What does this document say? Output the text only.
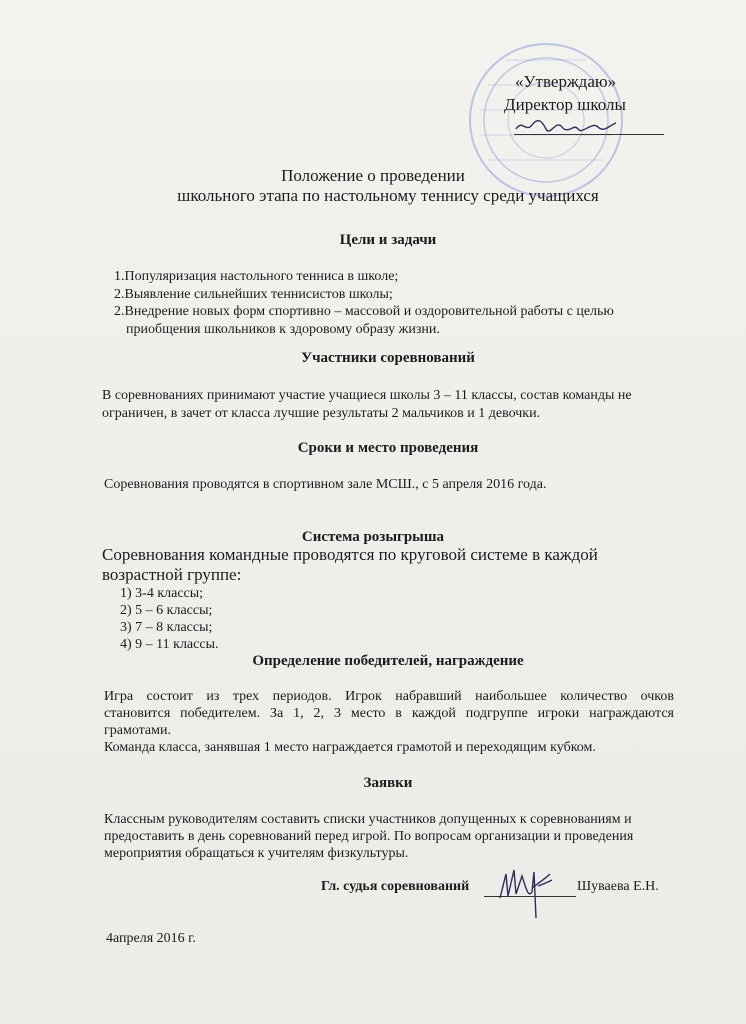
«Утверждаю»
Директор школы
Положение о проведении
школьного этапа по настольному теннису среди учащихся
Цели и задачи
1.Популяризация настольного тенниса в школе;
2.Выявление сильнейших теннисистов школы;
2.Внедрение новых форм спортивно – массовой и оздоровительной работы с целью
приобщения школьников к здоровому образу жизни.
Участники соревнований
В соревнованиях принимают участие учащиеся школы 3 – 11 классы, состав команды не
ограничен, в зачет от класса лучшие результаты 2 мальчиков и 1 девочки.
Сроки и место проведения
Соревнования проводятся в спортивном зале МСШ., с 5 апреля 2016 года.
Система розыгрыша
Соревнования командные проводятся по круговой системе в каждой
возрастной группе:
1) 3-4 классы;
2) 5 – 6 классы;
3) 7 – 8 классы;
4) 9 – 11 классы.
Определение победителей, награждение
Игра состоит из трех периодов. Игрок набравший наибольшее количество очков
становится победителем. За 1, 2, 3 место в каждой подгруппе игроки награждаются
грамотами.
Команда класса, занявшая 1 место награждается грамотой и переходящим кубком.
Заявки
Классным руководителям составить списки участников допущенных к соревнованиям и
предоставить в день соревнований перед игрой. По вопросам организации и проведения
мероприятия обращаться к учителям физкультуры.
Гл. судья соревнований	Шуваева Е.Н.
4апреля 2016 г.
